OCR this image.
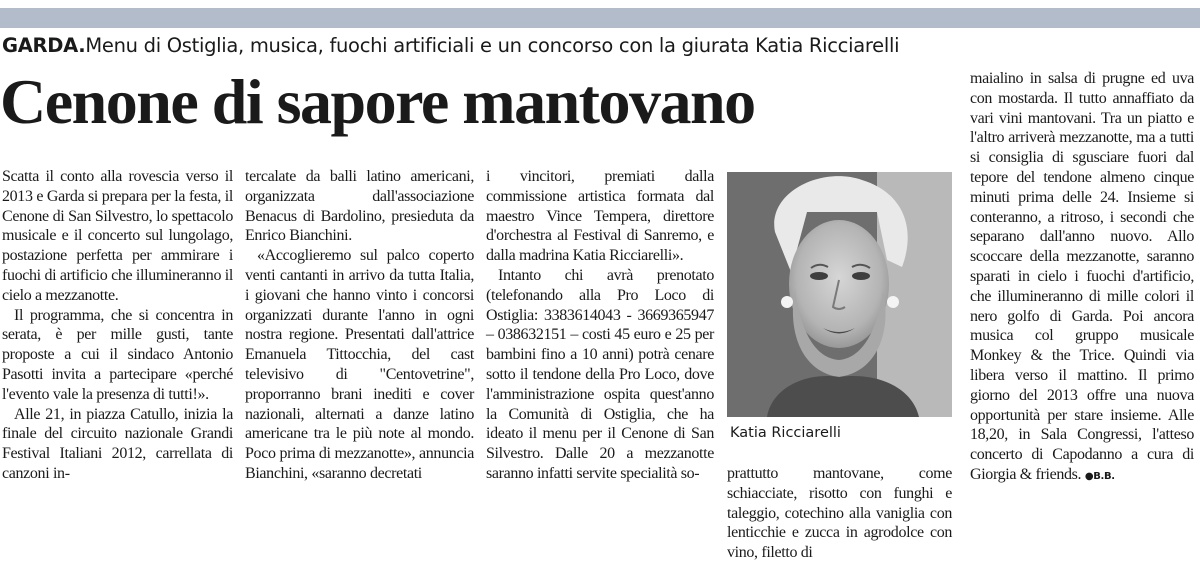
GARDA.Menu di Ostiglia, musica, fuochi artificiali e un concorso con la giurata Katia Ricciarelli
Cenone di sapore mantovano

Scatta il conto alla rovescia verso il 2013 e Garda si prepara per la festa, il Cenone di San Silvestro, lo spettacolo musicale e il concerto sul lungolago, postazione perfetta per ammirare i fuochi di artificio che illumineranno il cielo a mezzanotte.

Il programma, che si concentra in serata, è per mille gusti, tante proposte a cui il sindaco Antonio Pasotti invita a partecipare «perché l'evento vale la presenza di tutti!».

Alle 21, in piazza Catullo, inizia la finale del circuito nazionale Grandi Festival Italiani 2012, carrellata di canzoni in-

tercalate da balli latino americani, organizzata dall'associazione Benacus di Bardolino, presieduta da Enrico Bianchini.

«Accoglieremo sul palco coperto venti cantanti in arrivo da tutta Italia, i giovani che hanno vinto i concorsi organizzati durante l'anno in ogni nostra regione. Presentati dall'attrice Emanuela Tittocchia, del cast televisivo di "Centovetrine", proporranno brani inediti e cover nazionali, alternati a danze latino americane tra le più note al mondo. Poco prima di mezzanotte», annuncia Bianchini, «saranno decretati

i vincitori, premiati dalla commissione artistica formata dal maestro Vince Tempera, direttore d'orchestra al Festival di Sanremo, e dalla madrina Katia Ricciarelli».

Intanto chi avrà prenotato (telefonando alla Pro Loco di Ostiglia: 3383614043 - 3669365947 – 038632151 – costi 45 euro e 25 per bambini fino a 10 anni) potrà cenare sotto il tendone della Pro Loco, dove l'amministrazione ospita quest'anno la Comunità di Ostiglia, che ha ideato il menu per il Cenone di San Silvestro. Dalle 20 a mezzanotte saranno infatti servite specialità so-

Katia Ricciarelli

prattutto mantovane, come schiacciate, risotto con funghi e taleggio, cotechino alla vaniglia con lenticchie e zucca in agrodolce con vino, filetto di

maialino in salsa di prugne ed uva con mostarda. Il tutto annaffiato da vari vini mantovani. Tra un piatto e l'altro arriverà mezzanotte, ma a tutti si consiglia di sgusciare fuori dal tepore del tendone almeno cinque minuti prima delle 24. Insieme si conteranno, a ritroso, i secondi che separano dall'anno nuovo. Allo scoccare della mezzanotte, saranno sparati in cielo i fuochi d'artificio, che illumineranno di mille colori il nero golfo di Garda. Poi ancora musica col gruppo musicale Monkey & the Trice. Quindi via libera verso il mattino. Il primo giorno del 2013 offre una nuova opportunità per stare insieme. Alle 18,20, in Sala Congressi, l'atteso concerto di Capodanno a cura di Giorgia & friends. ●B.B.
